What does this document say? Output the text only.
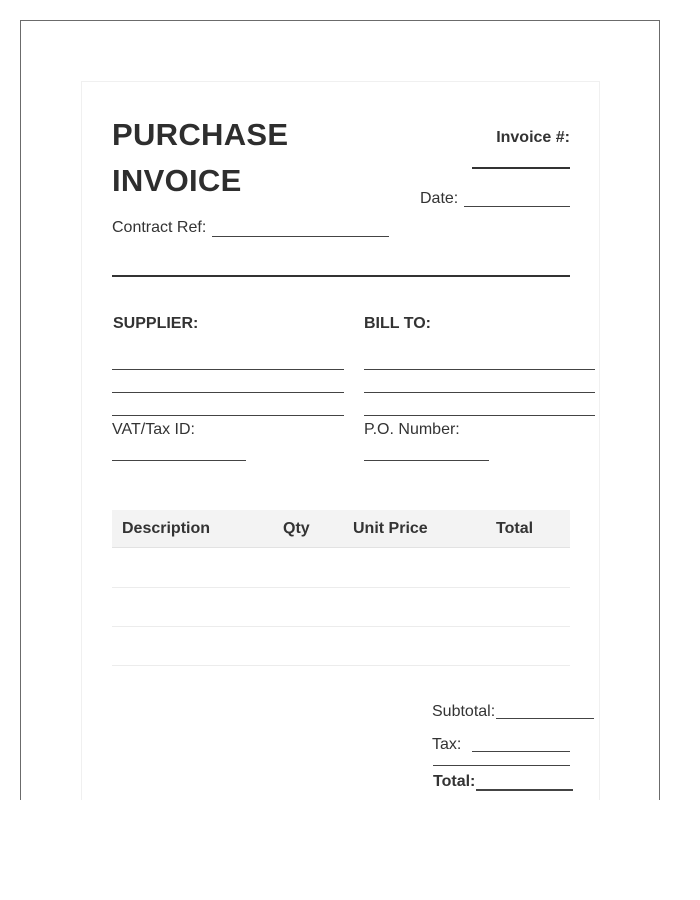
PURCHASE
INVOICE
Invoice #:
Date:
Contract Ref:
SUPPLIER:
VAT/Tax ID:
BILL TO:
P.O. Number:
Description	Qty	Unit Price	Total
Subtotal:
Tax:
Total:
